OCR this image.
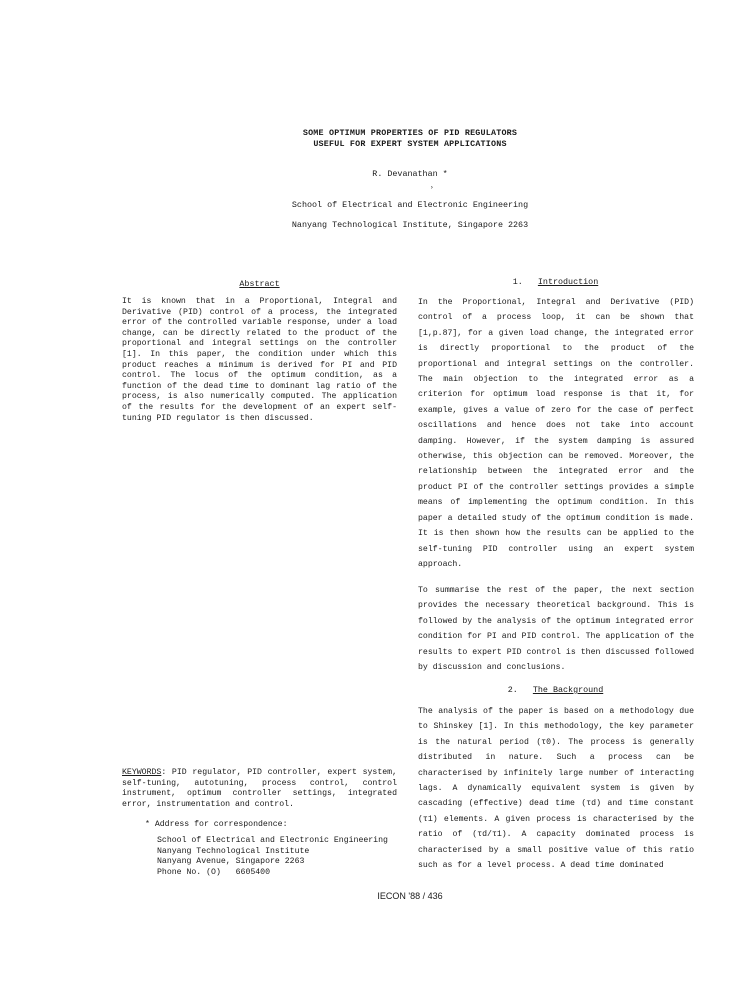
SOME OPTIMUM PROPERTIES OF PID REGULATORS
USEFUL FOR EXPERT SYSTEM APPLICATIONS
R. Devanathan *
›
School of Electrical and Electronic Engineering
Nanyang Technological Institute, Singapore 2263
Abstract

It is known that in a Proportional, Integral and Derivative (PID) control of a process, the integrated error of the controlled variable response, under a load change, can be directly related to the product of the proportional and integral settings on the controller [1]. In this paper, the condition under which this product reaches a minimum is derived for PI and PID control. The locus of the optimum condition, as a function of the dead time to dominant lag ratio of the process, is also numerically computed. The application of the results for the development of an expert self-tuning PID regulator is then discussed.

KEYWORDS: PID regulator, PID controller, expert system, self-tuning, autotuning, process control, control instrument, optimum controller settings, integrated error, instrumentation and control.
* Address for correspondence:
School of Electrical and Electronic Engineering
Nanyang Technological Institute
Nanyang Avenue, Singapore 2263
Phone No. (O)   6605400
1. Introduction
In the Proportional, Integral and Derivative (PID) control of a process loop, it can be shown that [1,p.87], for a given load change, the integrated error is directly proportional to the product of the proportional and integral settings on the controller. The main objection to the integrated error as a criterion for optimum load response is that it, for example, gives a value of zero for the case of perfect oscillations and hence does not take into account damping. However, if the system damping is assured otherwise, this objection can be removed. Moreover, the relationship between the integrated error and the product PI of the controller settings provides a simple means of implementing the optimum condition. In this paper a detailed study of the optimum condition is made. It is then shown how the results can be applied to the self-tuning PID controller using an expert system approach.
To summarise the rest of the paper, the next section provides the necessary theoretical background. This is followed by the analysis of the optimum integrated error condition for PI and PID control. The application of the results to expert PID control is then discussed followed by discussion and conclusions.
2. The Background
The analysis of the paper is based on a methodology due to Shinskey [1]. In this methodology, the key parameter is the natural period (τ0). The process is generally distributed in nature. Such a process can be characterised by infinitely large number of interacting lags. A dynamically equivalent system is given by cascading (effective) dead time (τd) and time constant (τ1) elements. A given process is characterised by the ratio of (τd/τ1). A capacity dominated process is characterised by a small positive value of this ratio such as for a level process. A dead time dominated
IECON '88 / 436
